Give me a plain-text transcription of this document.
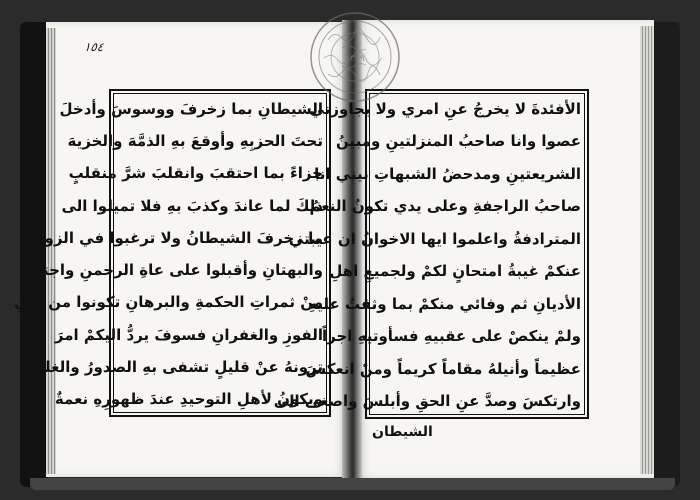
١٥٤
الشيطانِ بما زخرفَ ووسوسَ وأدخلَ
تحتَ الحزبِهِ وأوقعَ بهِ الذمَّهَ والخزيهَ
جزاءً بما احتقبَ وانقلبَ شرَّ منقلبٍ
ذلكَ لما عاندَ وكذبَ بهِ فلا تميلوا الى
ما زخرفَ الشيطانُ ولا ترغبوا في الزورِ
والبهتانِ وأقبلوا على عاةِ الرحمنِ واجتنوا
منْ ثمراتِ الحكمةِ والبرهانِ تكونوا من أهلِ
الفوزِ والغفرانِ فسوفَ يردُّ اليكمْ امرَ
ترونهُ عنْ قليلٍ تشفى بهِ الصدورُ والغليلُ
ويكونُ لأهلِ التوحيدِ عندَ ظهورِهِ نعمةٌ
الأفئدةَ لا يخرجُ عنِ امري ولا يجاوزني
عصوا وانا صاحبُ المنزلتينِ ومبينُ
الشريعتينِ ومدحضُ الشبهاتِ بيني انا
صاحبُ الراجفةِ وعلى يدي تكونُ النعمُ
المترادفةُ واعلموا ايها الاخوانُ ان غيبتي
عنكمْ غيبةُ امتحانٍ لكمْ ولجميعِ اهلِ
الأديانِ ثم وفائي منكمْ بما وثقتُ عليهِ
ولمْ ينكصْ على عقبيهِ فسأوتيهِ اجراً
عظيماً وأنيلهُ مقاماً كريماً ومنْ انعكسَ
وارتكسَ وصدَّ عنِ الحقِ وأبلسَ واصغى الى
الشيطان
۱۳۴۹
